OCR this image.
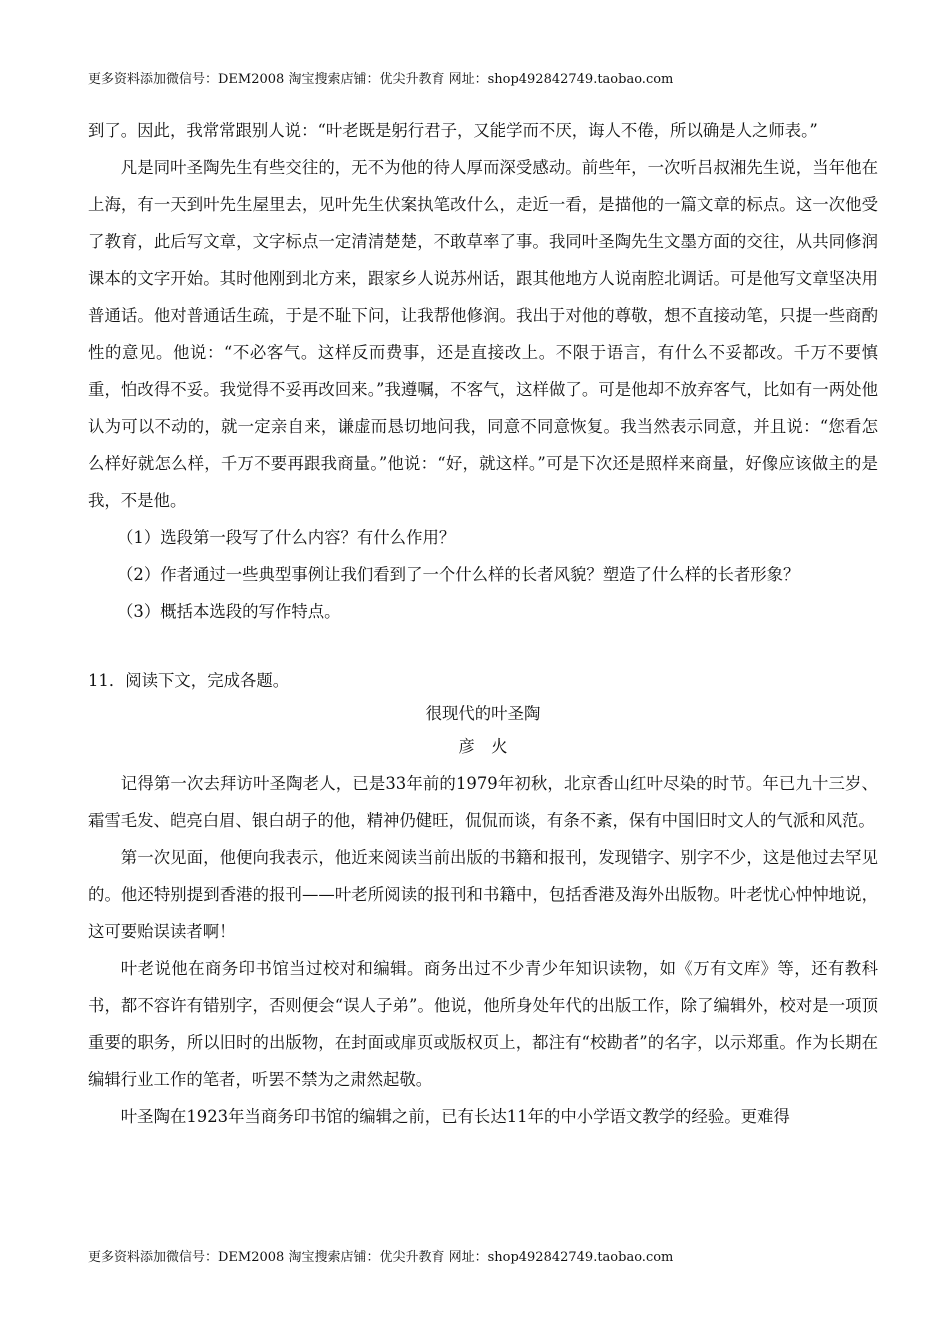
更多资料添加微信号：DEM2008 淘宝搜索店铺：优尖升教育 网址：shop492842749.taobao.com

到了。因此，我常常跟别人说：“叶老既是躬行君子，又能学而不厌，诲人不倦，所以确是人之师表。”

凡是同叶圣陶先生有些交往的，无不为他的待人厚而深受感动。前些年，一次听吕叔湘先生说，当年他在上海，有一天到叶先生屋里去，见叶先生伏案执笔改什么，走近一看，是描他的一篇文章的标点。这一次他受了教育，此后写文章，文字标点一定清清楚楚，不敢草率了事。我同叶圣陶先生文墨方面的交往，从共同修润课本的文字开始。其时他刚到北方来，跟家乡人说苏州话，跟其他地方人说南腔北调话。可是他写文章坚决用普通话。他对普通话生疏，于是不耻下问，让我帮他修润。我出于对他的尊敬，想不直接动笔，只提一些商酌性的意见。他说：“不必客气。这样反而费事，还是直接改上。不限于语言，有什么不妥都改。千万不要慎重，怕改得不妥。我觉得不妥再改回来。”我遵嘱，不客气，这样做了。可是他却不放弃客气，比如有一两处他认为可以不动的，就一定亲自来，谦虚而恳切地问我，同意不同意恢复。我当然表示同意，并且说：“您看怎么样好就怎么样，千万不要再跟我商量。”他说：“好，就这样。”可是下次还是照样来商量，好像应该做主的是我，不是他。

（1）选段第一段写了什么内容？有什么作用？

（2）作者通过一些典型事例让我们看到了一个什么样的长者风貌？塑造了什么样的长者形象？

（3）概括本选段的写作特点。

11．阅读下文，完成各题。

很现代的叶圣陶

彦　火

记得第一次去拜访叶圣陶老人，已是33年前的1979年初秋，北京香山红叶尽染的时节。年已九十三岁、霜雪毛发、皑亮白眉、银白胡子的他，精神仍健旺，侃侃而谈，有条不紊，保有中国旧时文人的气派和风范。

第一次见面，他便向我表示，他近来阅读当前出版的书籍和报刊，发现错字、别字不少，这是他过去罕见的。他还特别提到香港的报刊——叶老所阅读的报刊和书籍中，包括香港及海外出版物。叶老忧心忡忡地说，这可要贻误读者啊！

叶老说他在商务印书馆当过校对和编辑。商务出过不少青少年知识读物，如《万有文库》等，还有教科书，都不容许有错别字，否则便会“误人子弟”。他说，他所身处年代的出版工作，除了编辑外，校对是一项顶重要的职务，所以旧时的出版物，在封面或扉页或版权页上，都注有“校勘者”的名字，以示郑重。作为长期在编辑行业工作的笔者，听罢不禁为之肃然起敬。

叶圣陶在1923年当商务印书馆的编辑之前，已有长达11年的中小学语文教学的经验。更难得

更多资料添加微信号：DEM2008 淘宝搜索店铺：优尖升教育 网址：shop492842749.taobao.com
